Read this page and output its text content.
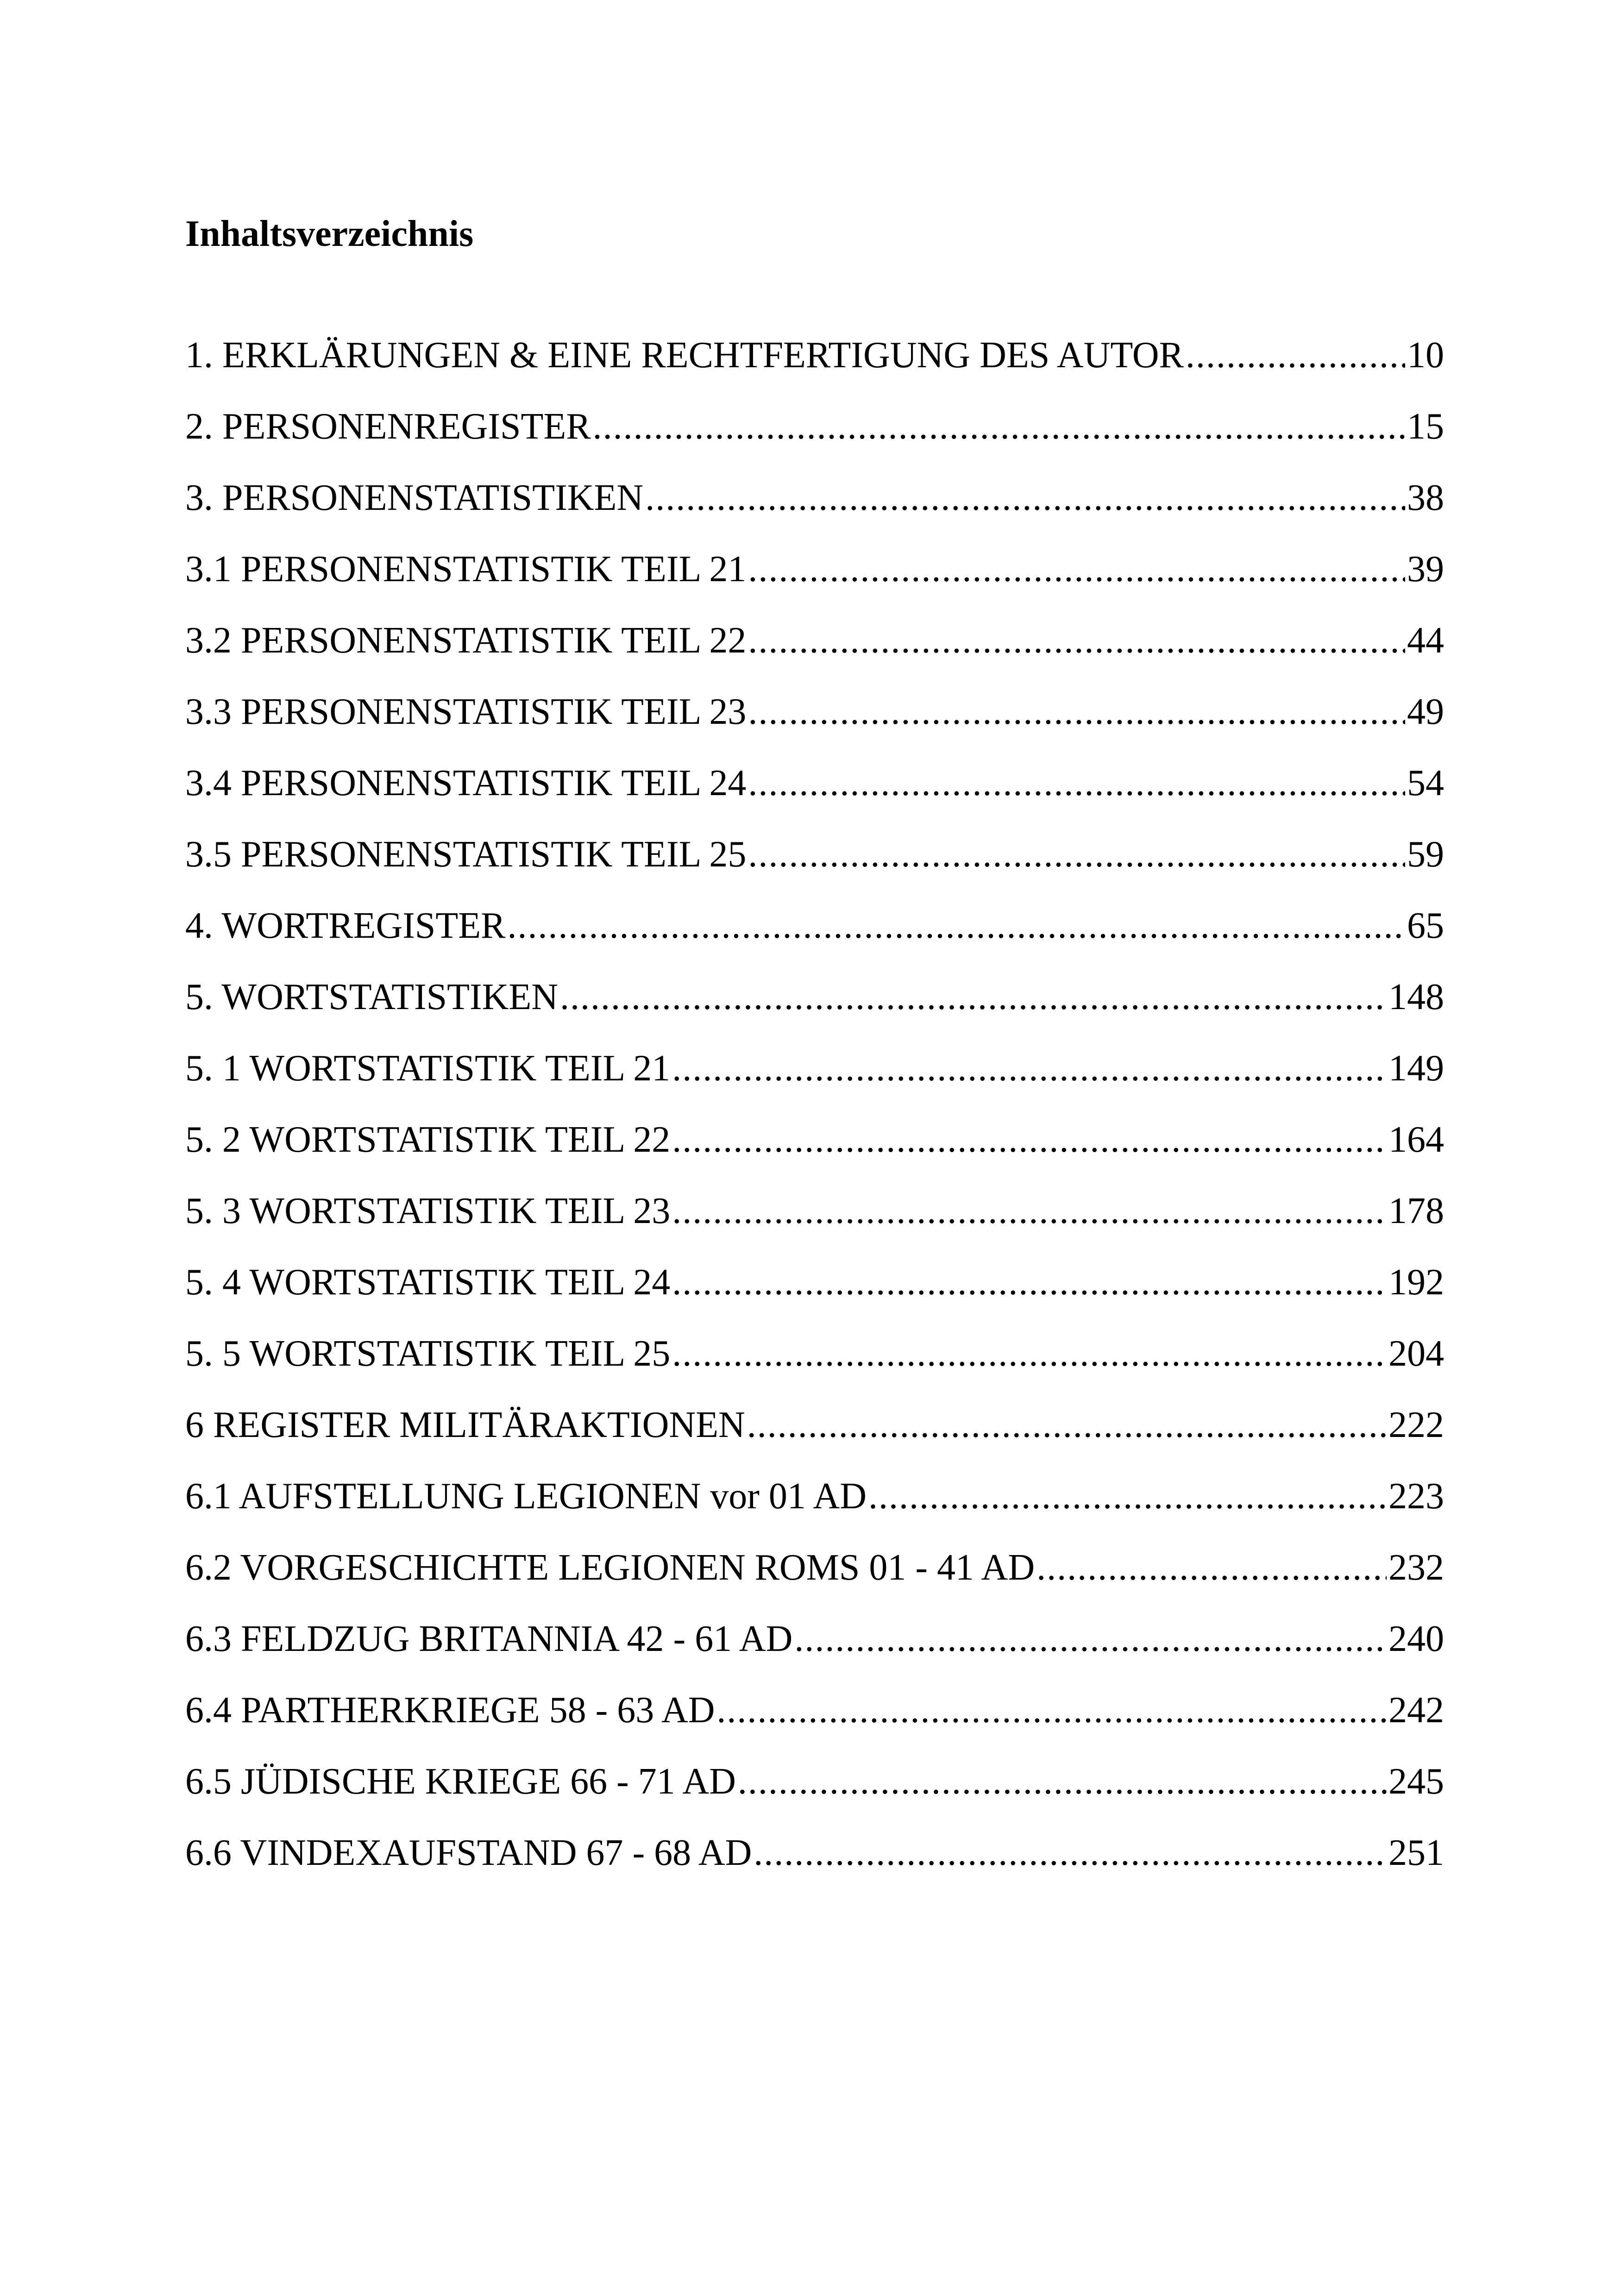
Inhaltsverzeichnis
1. ERKLÄRUNGEN & EINE RECHTFERTIGUNG DES AUTOR .....	10
2. PERSONENREGISTER .....	15
3. PERSONENSTATISTIKEN .....	38
3.1 PERSONENSTATISTIK TEIL 21 .....	39
3.2 PERSONENSTATISTIK TEIL 22 .....	44
3.3 PERSONENSTATISTIK TEIL 23 .....	49
3.4 PERSONENSTATISTIK TEIL 24 .....	54
3.5 PERSONENSTATISTIK TEIL 25 .....	59
4. WORTREGISTER .....	65
5. WORTSTATISTIKEN .....	148
5. 1 WORTSTATISTIK TEIL 21 .....	149
5. 2 WORTSTATISTIK TEIL 22 .....	164
5. 3 WORTSTATISTIK TEIL 23 .....	178
5. 4 WORTSTATISTIK TEIL 24 .....	192
5. 5 WORTSTATISTIK TEIL 25 .....	204
6 REGISTER MILITÄRAKTIONEN .....	222
6.1 AUFSTELLUNG LEGIONEN vor 01 AD .....	223
6.2 VORGESCHICHTE LEGIONEN ROMS 01 - 41 AD .....	232
6.3 FELDZUG BRITANNIA 42 - 61 AD .....	240
6.4 PARTHERKRIEGE 58 - 63 AD .....	242
6.5 JÜDISCHE KRIEGE 66 - 71 AD .....	245
6.6 VINDEXAUFSTAND 67 - 68 AD .....	251
